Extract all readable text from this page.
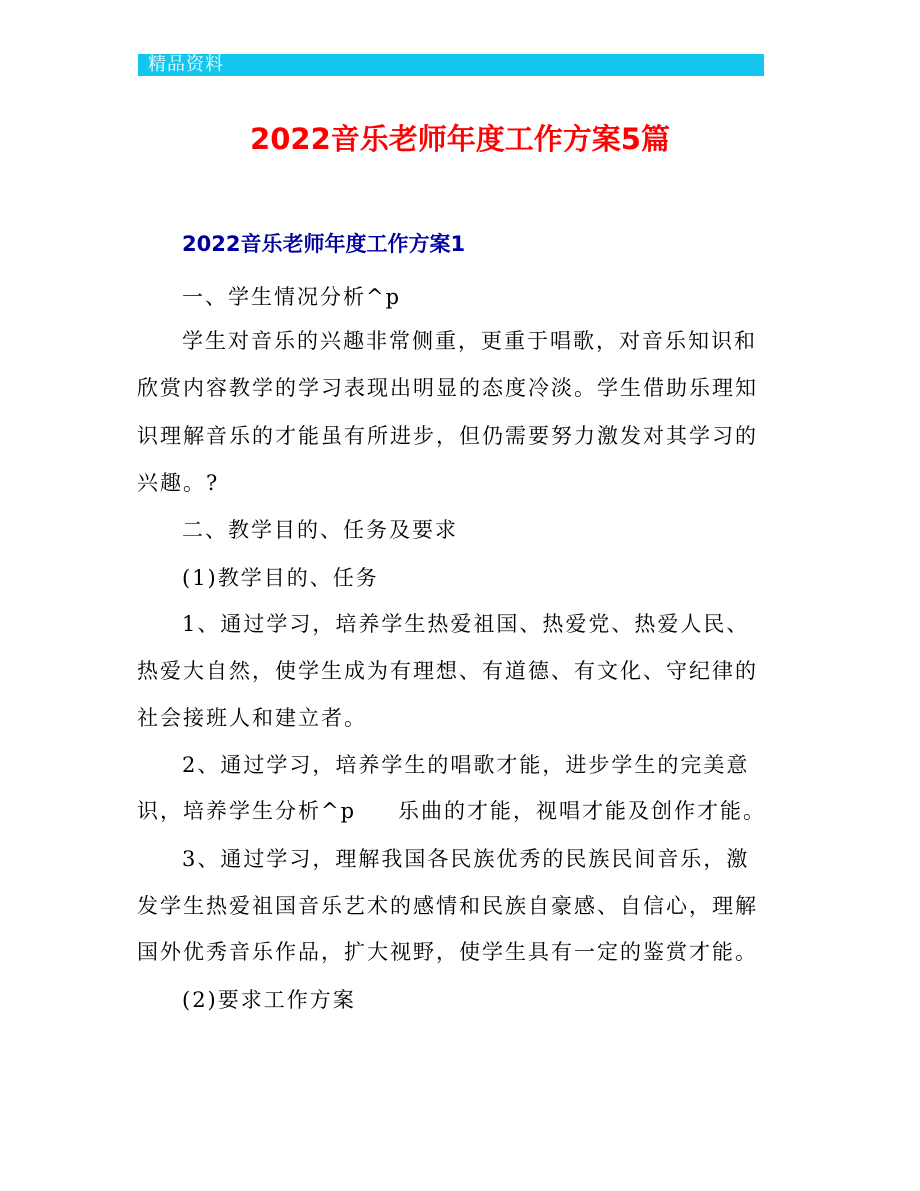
精品资料
2022音乐老师年度工作方案5篇
2022音乐老师年度工作方案1
一、学生情况分析^p
学生对音乐的兴趣非常侧重，更重于唱歌，对音乐知识和
欣赏内容教学的学习表现出明显的态度冷淡。学生借助乐理知
识理解音乐的才能虽有所进步，但仍需要努力激发对其学习的
兴趣。?
二、教学目的、任务及要求
(1)教学目的、任务
1、通过学习，培养学生热爱祖国、热爱党、热爱人民、
热爱大自然，使学生成为有理想、有道德、有文化、守纪律的
社会接班人和建立者。
2、通过学习，培养学生的唱歌才能，进步学生的完美意
识，培养学生分析^p 乐曲的才能，视唱才能及创作才能。
3、通过学习，理解我国各民族优秀的民族民间音乐，激
发学生热爱祖国音乐艺术的感情和民族自豪感、自信心，理解
国外优秀音乐作品，扩大视野，使学生具有一定的鉴赏才能。
(2)要求工作方案
